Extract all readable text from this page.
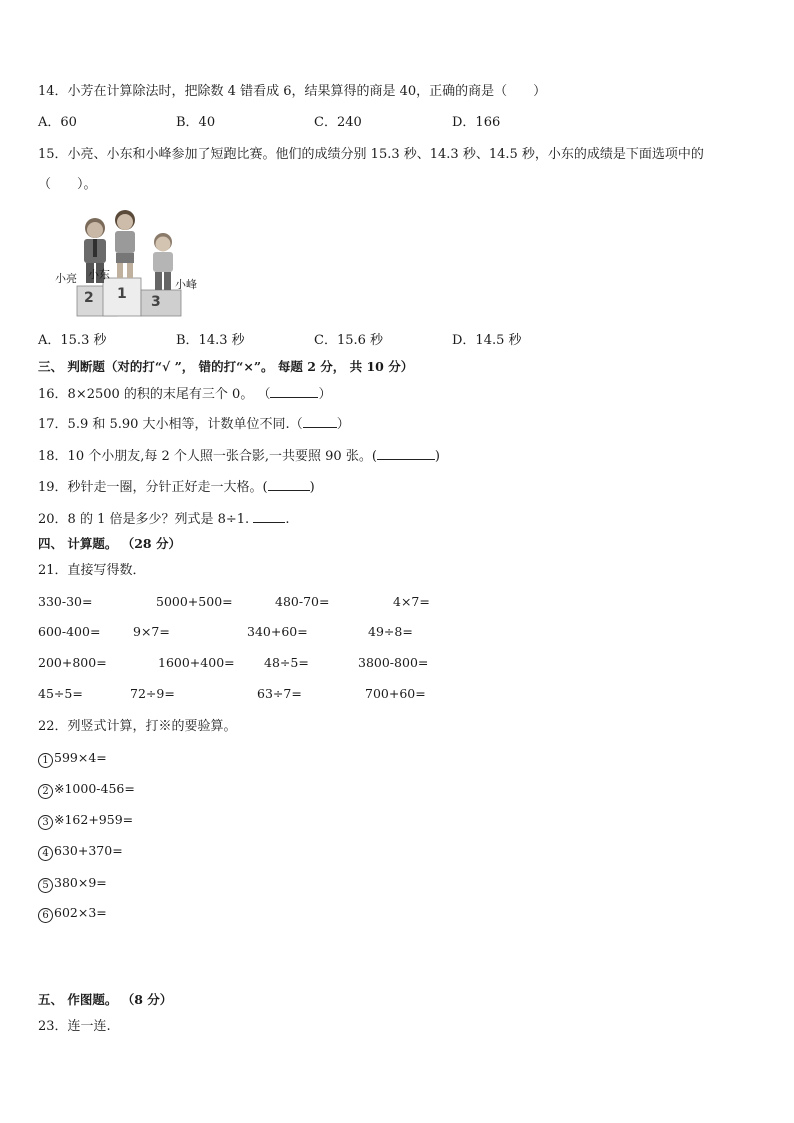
14．小芳在计算除法时，把除数 4 错看成 6，结果算得的商是 40，正确的商是（　　）
A．60	B．40	C．240	D．166
15．小亮、小东和小峰参加了短跑比赛。他们的成绩分别 15.3 秒、14.3 秒、14.5 秒，小东的成绩是下面选项中的
（　　）。
小亮 小东
小峰
2 1 3
A．15.3 秒	B．14.3 秒	C．15.6 秒	D．14.5 秒
三、 判断题（对的打“√ ”， 错的打“×”。 每题 2 分， 共 10 分）
16．8×2500 的积的末尾有三个 0。 （	）
17．5.9 和 5.90 大小相等，计数单位不同.（	）
18．10 个小朋友,每 2 个人照一张合影,一共要照 90 张。(	)
19．秒针走一圈，分针正好走一大格。(	)
20．8 的 1 倍是多少？列式是 8÷1.	.
四、 计算题。 （28 分）
21．直接写得数．
330-30=	5000+500=	480-70=	4×7=
600-400=	9×7=	340+60=	49÷8=
200+800=	1600+400= 48÷5=	3800-800=
45÷5=	72÷9=	63÷7=	700+60=
22．列竖式计算，打※的要验算。
1 599×4=
2 ※1000-456=
3 ※162+959=
4 630+370=
5 380×9=
6 602×3=
五、 作图题。 （8 分）
23．连一连.
